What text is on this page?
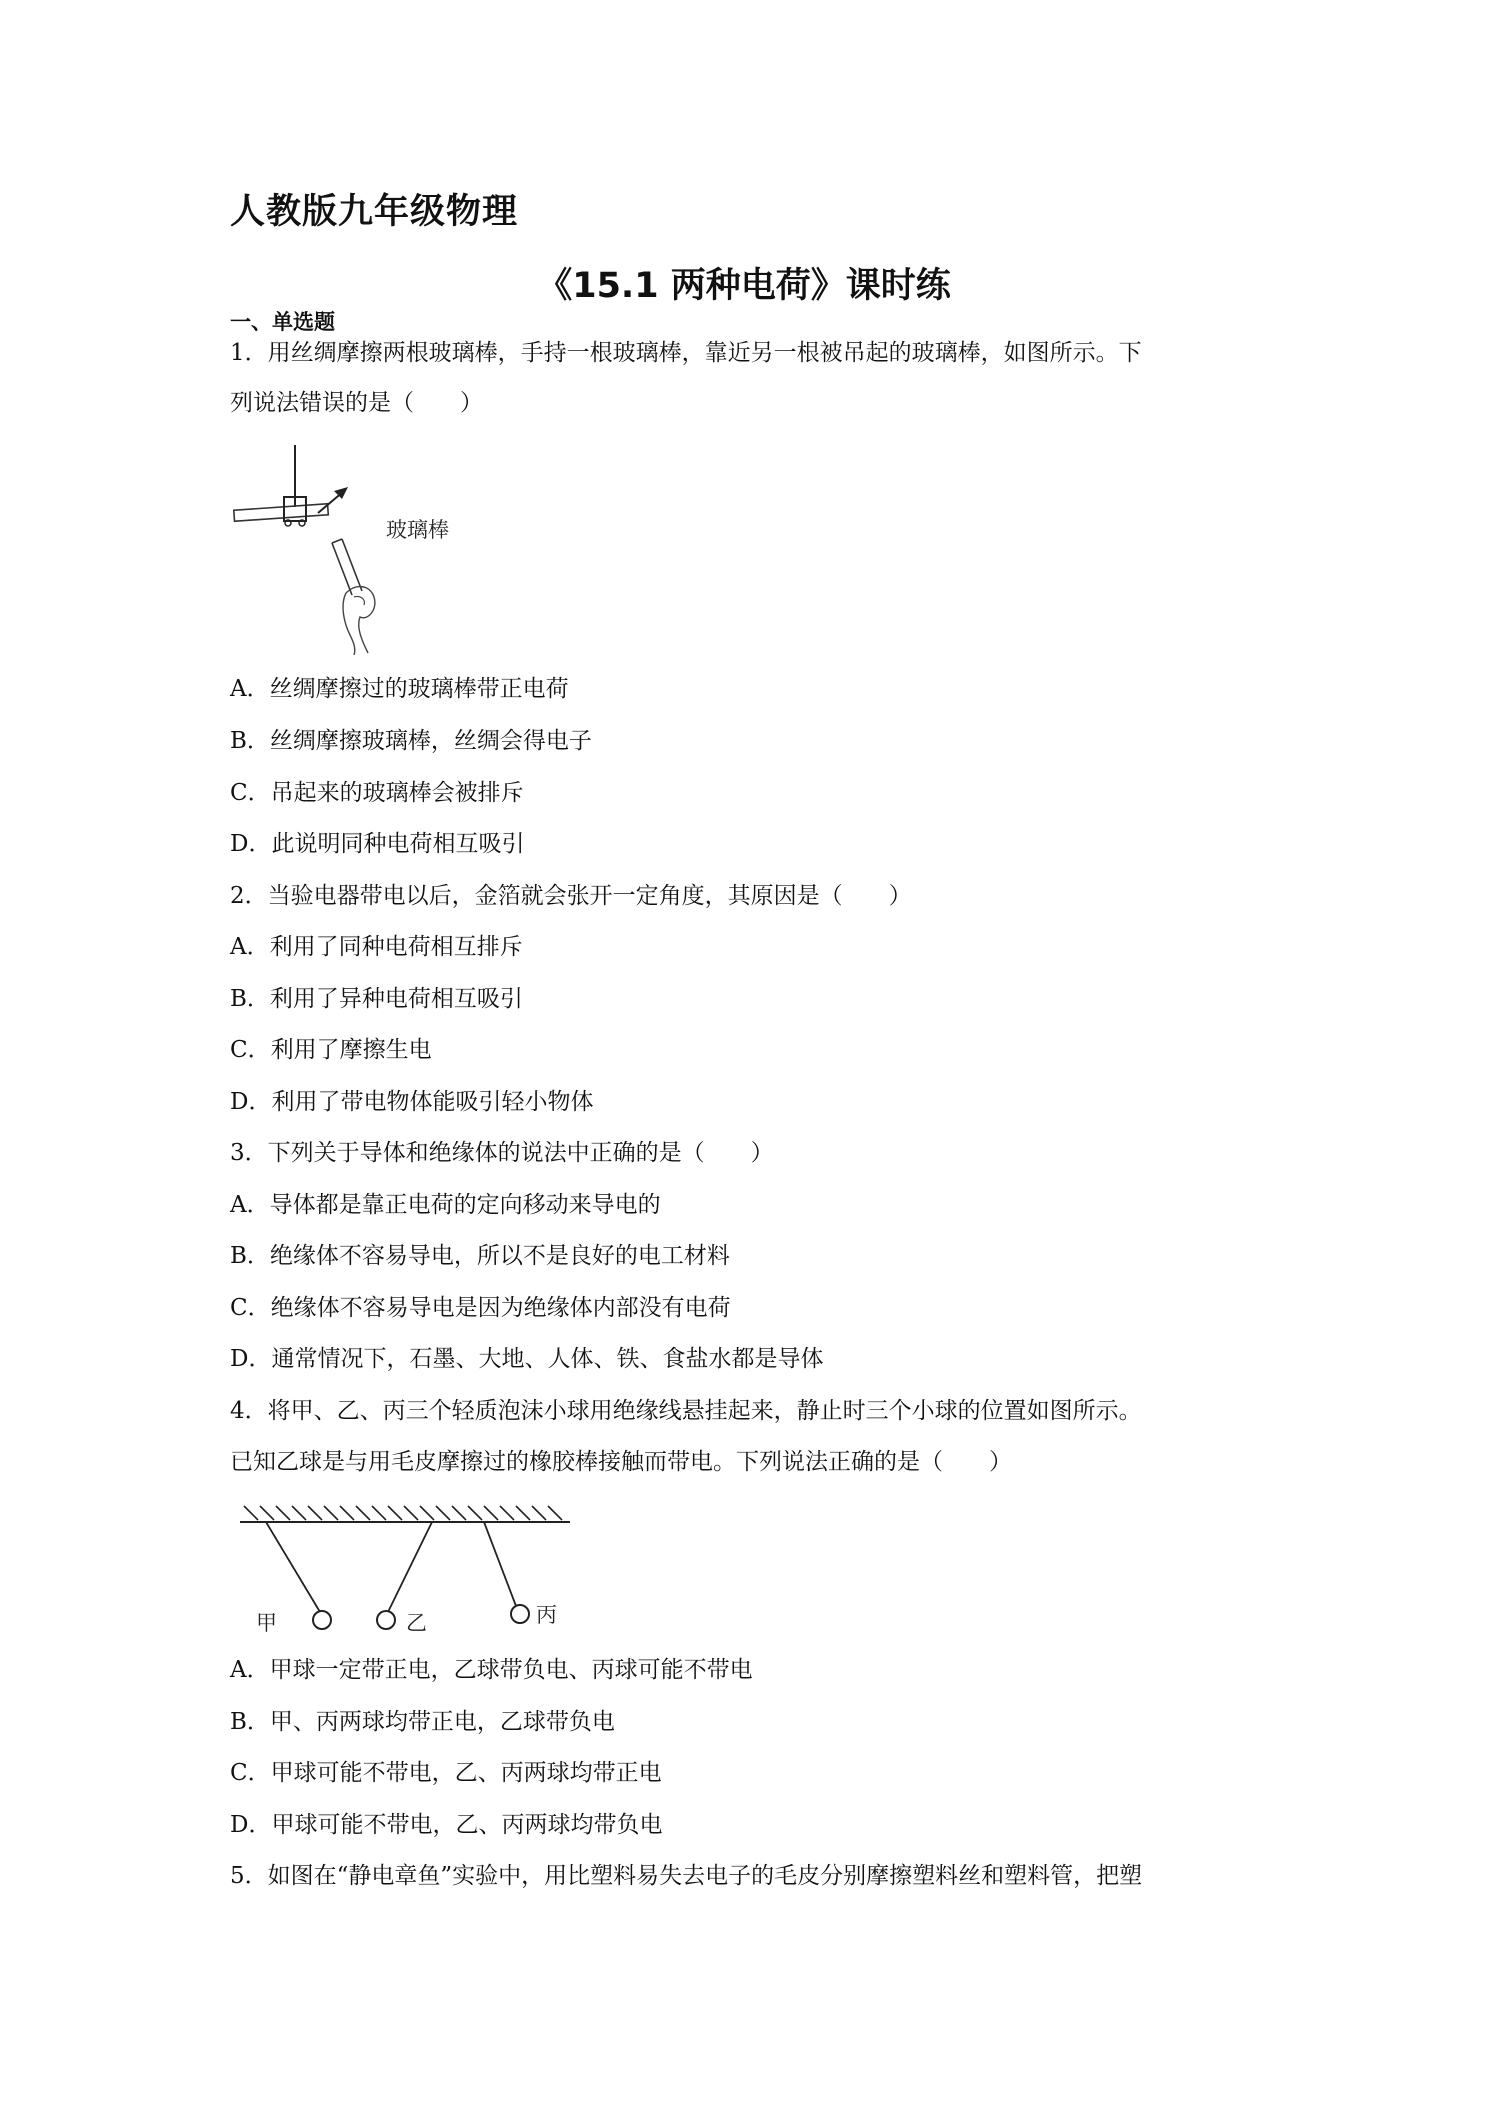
人教版九年级物理
《15.1 两种电荷》课时练
一、单选题
1．用丝绸摩擦两根玻璃棒，手持一根玻璃棒，靠近另一根被吊起的玻璃棒，如图所示。下
列说法错误的是（　　）
玻璃棒
A．丝绸摩擦过的玻璃棒带正电荷
B．丝绸摩擦玻璃棒，丝绸会得电子
C．吊起来的玻璃棒会被排斥
D．此说明同种电荷相互吸引
2．当验电器带电以后，金箔就会张开一定角度，其原因是（　　）
A．利用了同种电荷相互排斥
B．利用了异种电荷相互吸引
C．利用了摩擦生电
D．利用了带电物体能吸引轻小物体
3．下列关于导体和绝缘体的说法中正确的是（　　）
A．导体都是靠正电荷的定向移动来导电的
B．绝缘体不容易导电，所以不是良好的电工材料
C．绝缘体不容易导电是因为绝缘体内部没有电荷
D．通常情况下，石墨、大地、人体、铁、食盐水都是导体
4．将甲、乙、丙三个轻质泡沫小球用绝缘线悬挂起来，静止时三个小球的位置如图所示。
已知乙球是与用毛皮摩擦过的橡胶棒接触而带电。下列说法正确的是（　　）
甲	乙	丙
A．甲球一定带正电，乙球带负电、丙球可能不带电
B．甲、丙两球均带正电，乙球带负电
C．甲球可能不带电，乙、丙两球均带正电
D．甲球可能不带电，乙、丙两球均带负电
5．如图在“静电章鱼”实验中，用比塑料易失去电子的毛皮分别摩擦塑料丝和塑料管，把塑
